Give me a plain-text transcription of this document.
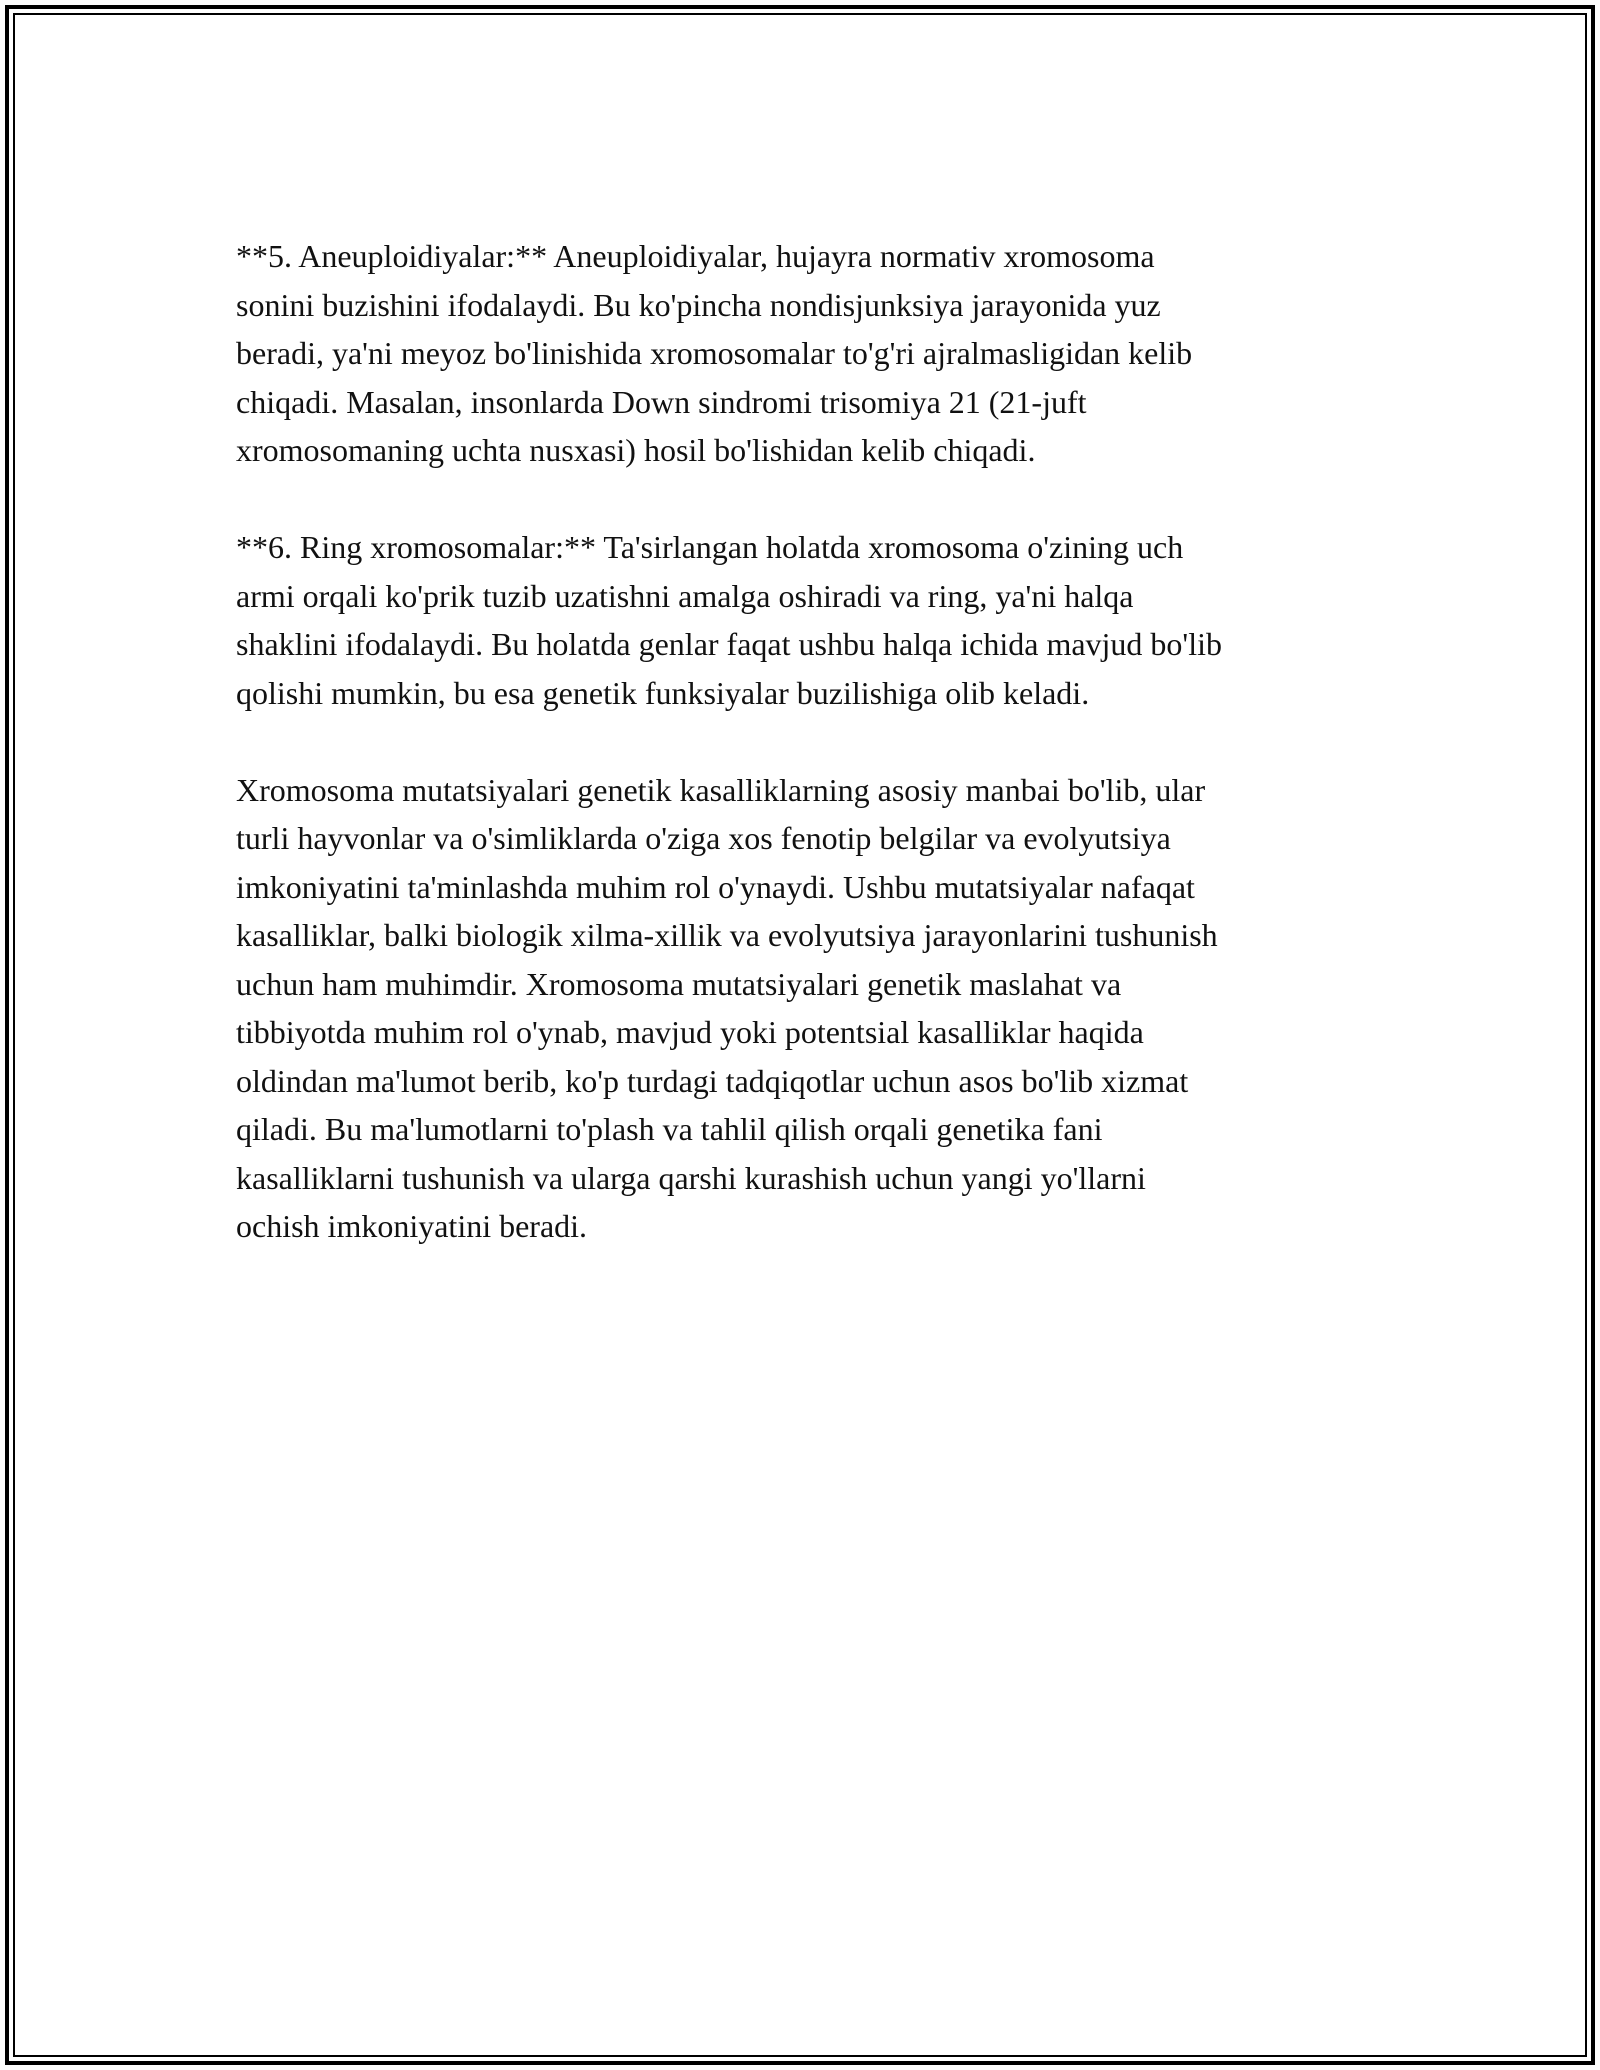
**5. Aneuploidiyalar:** Aneuploidiyalar, hujayra normativ xromosoma
sonini buzishini ifodalaydi. Bu ko'pincha nondisjunksiya jarayonida yuz
beradi, ya'ni meyoz bo'linishida xromosomalar to'g'ri ajralmasligidan kelib
chiqadi. Masalan, insonlarda Down sindromi trisomiya 21 (21-juft
xromosomaning uchta nusxasi) hosil bo'lishidan kelib chiqadi.

**6. Ring xromosomalar:** Ta'sirlangan holatda xromosoma o'zining uch
armi orqali ko'prik tuzib uzatishni amalga oshiradi va ring, ya'ni halqa
shaklini ifodalaydi. Bu holatda genlar faqat ushbu halqa ichida mavjud bo'lib
qolishi mumkin, bu esa genetik funksiyalar buzilishiga olib keladi.

Xromosoma mutatsiyalari genetik kasalliklarning asosiy manbai bo'lib, ular
turli hayvonlar va o'simliklarda o'ziga xos fenotip belgilar va evolyutsiya
imkoniyatini ta'minlashda muhim rol o'ynaydi. Ushbu mutatsiyalar nafaqat
kasalliklar, balki biologik xilma-xillik va evolyutsiya jarayonlarini tushunish
uchun ham muhimdir. Xromosoma mutatsiyalari genetik maslahat va
tibbiyotda muhim rol o'ynab, mavjud yoki potentsial kasalliklar haqida
oldindan ma'lumot berib, ko'p turdagi tadqiqotlar uchun asos bo'lib xizmat
qiladi. Bu ma'lumotlarni to'plash va tahlil qilish orqali genetika fani
kasalliklarni tushunish va ularga qarshi kurashish uchun yangi yo'llarni
ochish imkoniyatini beradi.
